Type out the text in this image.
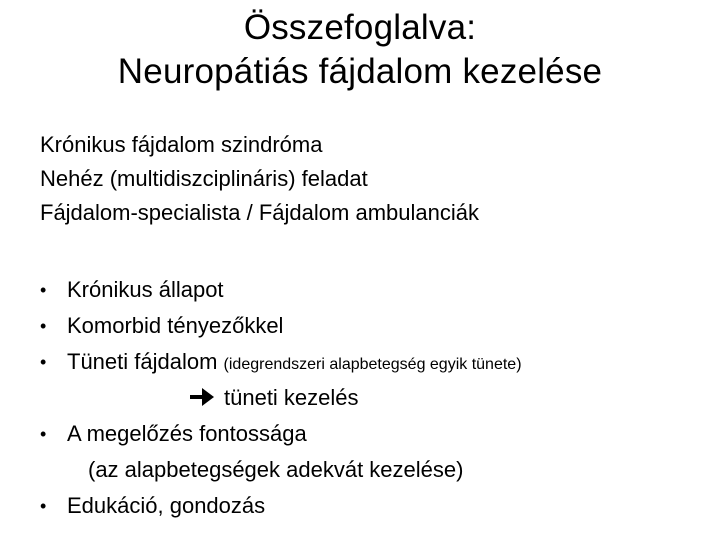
Összefoglalva:
Neuropátiás fájdalom kezelése
Krónikus fájdalom szindróma
Nehéz (multidiszciplináris) feladat
Fájdalom-specialista / Fájdalom ambulanciák
• Krónikus állapot
• Komorbid tényezőkkel
• Tüneti fájdalom (idegrendszeri alapbetegség egyik tünete)
tüneti kezelés
• A megelőzés fontossága
(az alapbetegségek adekvát kezelése)
• Edukáció, gondozás
